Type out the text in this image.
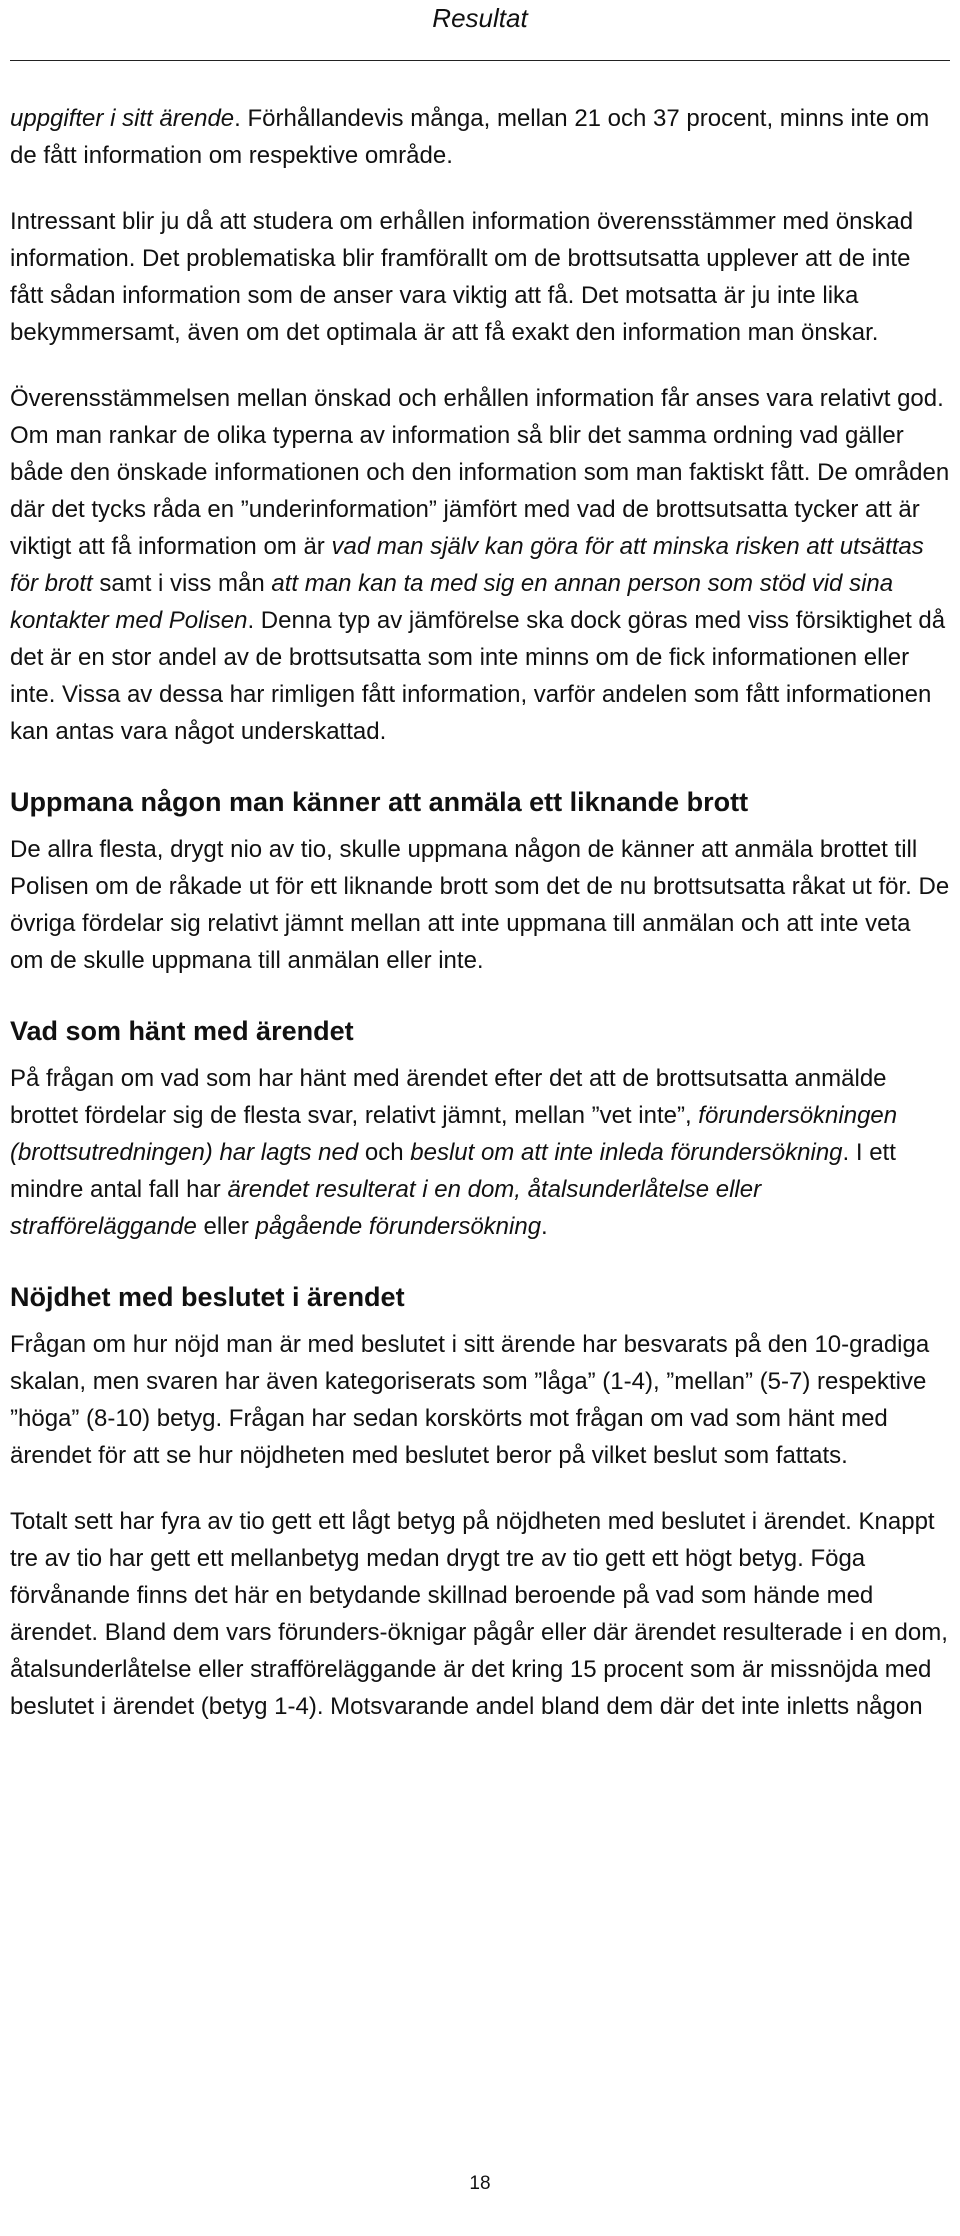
Resultat

uppgifter i sitt ärende. Förhållandevis många, mellan 21 och 37 procent, minns inte om de fått information om respektive område.

Intressant blir ju då att studera om erhållen information överensstämmer med önskad information. Det problematiska blir framförallt om de brottsutsatta upplever att de inte fått sådan information som de anser vara viktig att få. Det motsatta är ju inte lika bekymmersamt, även om det optimala är att få exakt den information man önskar.

Överensstämmelsen mellan önskad och erhållen information får anses vara relativt god. Om man rankar de olika typerna av information så blir det samma ordning vad gäller både den önskade informationen och den information som man faktiskt fått. De områden där det tycks råda en ”underinformation” jämfört med vad de brottsutsatta tycker att är viktigt att få information om är vad man själv kan göra för att minska risken att utsättas för brott samt i viss mån att man kan ta med sig en annan person som stöd vid sina kontakter med Polisen. Denna typ av jämförelse ska dock göras med viss försiktighet då det är en stor andel av de brottsutsatta som inte minns om de fick informationen eller inte. Vissa av dessa har rimligen fått information, varför andelen som fått informationen kan antas vara något underskattad.

Uppmana någon man känner att anmäla ett liknande brott

De allra flesta, drygt nio av tio, skulle uppmana någon de känner att anmäla brottet till Polisen om de råkade ut för ett liknande brott som det de nu brottsutsatta råkat ut för. De övriga fördelar sig relativt jämnt mellan att inte uppmana till anmälan och att inte veta om de skulle uppmana till anmälan eller inte.

Vad som hänt med ärendet

På frågan om vad som har hänt med ärendet efter det att de brottsutsatta anmälde brottet fördelar sig de flesta svar, relativt jämnt, mellan ”vet inte”, förundersökningen (brottsutredningen) har lagts ned och beslut om att inte inleda förundersökning. I ett mindre antal fall har ärendet resulterat i en dom, åtalsunderlåtelse eller strafföreläggande eller pågående förundersökning.

Nöjdhet med beslutet i ärendet

Frågan om hur nöjd man är med beslutet i sitt ärende har besvarats på den 10-gradiga skalan, men svaren har även kategoriserats som ”låga” (1-4), ”mellan” (5-7) respektive ”höga” (8-10) betyg. Frågan har sedan korskörts mot frågan om vad som hänt med ärendet för att se hur nöjdheten med beslutet beror på vilket beslut som fattats.

Totalt sett har fyra av tio gett ett lågt betyg på nöjdheten med beslutet i ärendet. Knappt tre av tio har gett ett mellanbetyg medan drygt tre av tio gett ett högt betyg. Föga förvånande finns det här en betydande skillnad beroende på vad som hände med ärendet. Bland dem vars förunders-öknigar pågår eller där ärendet resulterade i en dom, åtalsunderlåtelse eller strafföreläggande är det kring 15 procent som är missnöjda med beslutet i ärendet (betyg 1-4). Motsvarande andel bland dem där det inte inletts någon

18
